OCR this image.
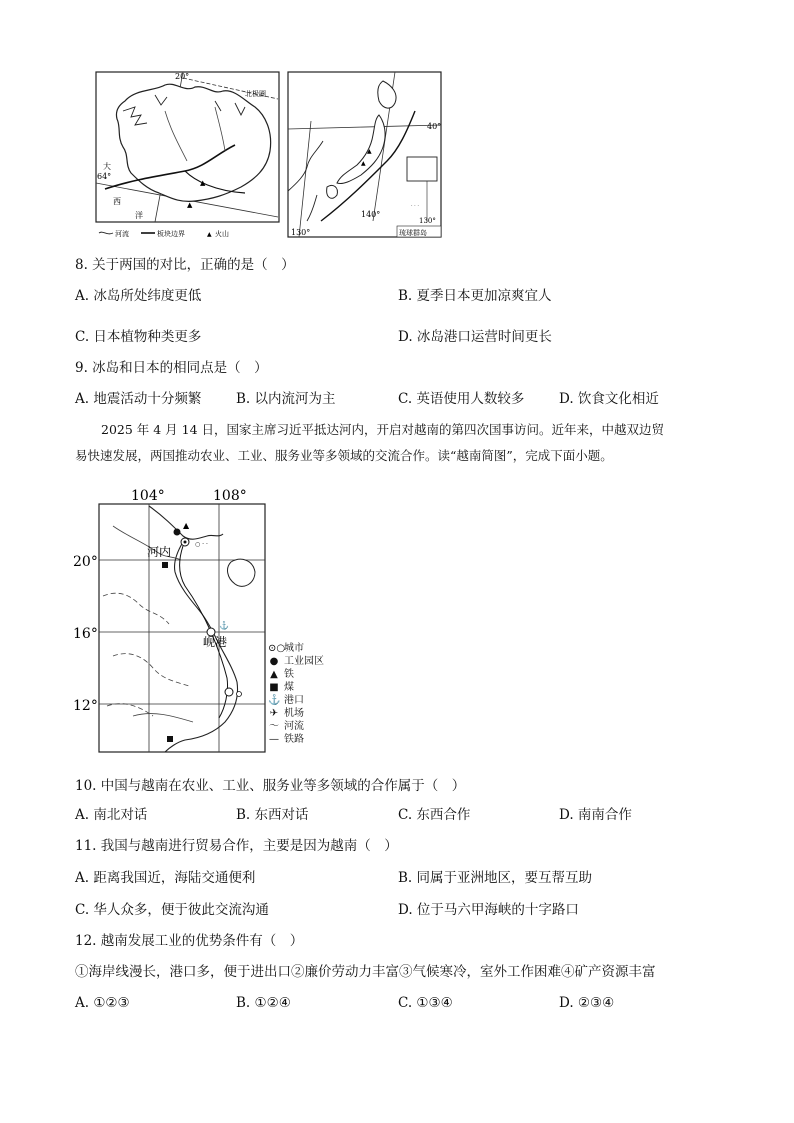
▲
▲
20°
北极圈
64°
大
西
洋
河流	板块边界	▲ 火山
▲
▲
· · ·
40°
140°
130°
130°
琉球群岛
8. 关于两国的对比，正确的是（　）
A. 冰岛所处纬度更低	B. 夏季日本更加凉爽宜人
C. 日本植物种类更多	D. 冰岛港口运营时间更长
9. 冰岛和日本的相同点是（　）
A. 地震活动十分频繁	B. 以内流河为主	C. 英语使用人数较多	D. 饮食文化相近

2025 年 4 月 14 日，国家主席习近平抵达河内，开启对越南的第四次国事访问。近年来，中越双边贸

易快速发展，两国推动农业、工业、服务业等多领域的交流合作。读“越南简图”，完成下面小题。

▲
○ · ·
⚓
104°	108°
20°
16°
12°
河内
岘港	⊙○
城市
● 工业园区
▲ 铁
■ 煤
⚓ 港口
✈ 机场
〜 河流
— 铁路
10. 中国与越南在农业、工业、服务业等多领域的合作属于（　）
A. 南北对话	B. 东西对话	C. 东西合作	D. 南南合作
11. 我国与越南进行贸易合作，主要是因为越南（　）
A. 距离我国近，海陆交通便利	B. 同属于亚洲地区，要互帮互助
C. 华人众多，便于彼此交流沟通	D. 位于马六甲海峡的十字路口
12. 越南发展工业的优势条件有（　）
①海岸线漫长，港口多，便于进出口②廉价劳动力丰富③气候寒冷，室外工作困难④矿产资源丰富
A. ①②③	B. ①②④	C. ①③④	D. ②③④
